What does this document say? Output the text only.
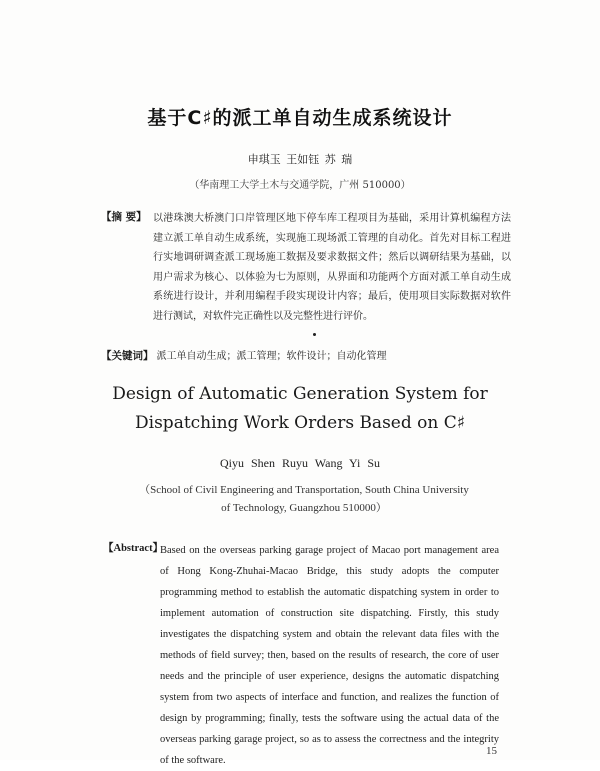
基于C♯的派工单自动生成系统设计
申琪玉 王如钰 苏 瑞
（华南理工大学土木与交通学院，广州 510000）
【摘 要】 以港珠澳大桥澳门口岸管理区地下停车库工程项目为基础，采用计算机编程方法建立派工单自动生成系统，实现施工现场派工管理的自动化。首先对目标工程进行实地调研调查派工现场施工数据及要求数据文件；然后以调研结果为基础，以用户需求为核心、以体验为七为原则，从界面和功能两个方面对派工单自动生成系统进行设计，并利用编程手段实现设计内容；最后，使用项目实际数据对软件进行测试，对软件完正确性以及完整性进行评价。
【关键词】 派工单自动生成；派工管理；软件设计；自动化管理
Design of Automatic Generation System for
Dispatching Work Orders Based on C♯
Qiyu Shen Ruyu Wang Yi Su
（School of Civil Engineering and Transportation, South China University of Technology, Guangzhou 510000）
【Abstract】
Based on the overseas parking garage project of Macao port management area of Hong Kong-Zhuhai-Macao Bridge, this study adopts the computer programming method to establish the automatic dispatching system in order to implement automation of construction site dispatching. Firstly, this study investigates the dispatching system and obtain the relevant data files with the methods of field survey; then, based on the results of research, the core of user needs and the principle of user experience, designs the automatic dispatching system from two aspects of interface and function, and realizes the function of design by programming; finally, tests the software using the actual data of the overseas parking garage project, so as to assess the correctness and the integrity of the software.
15
